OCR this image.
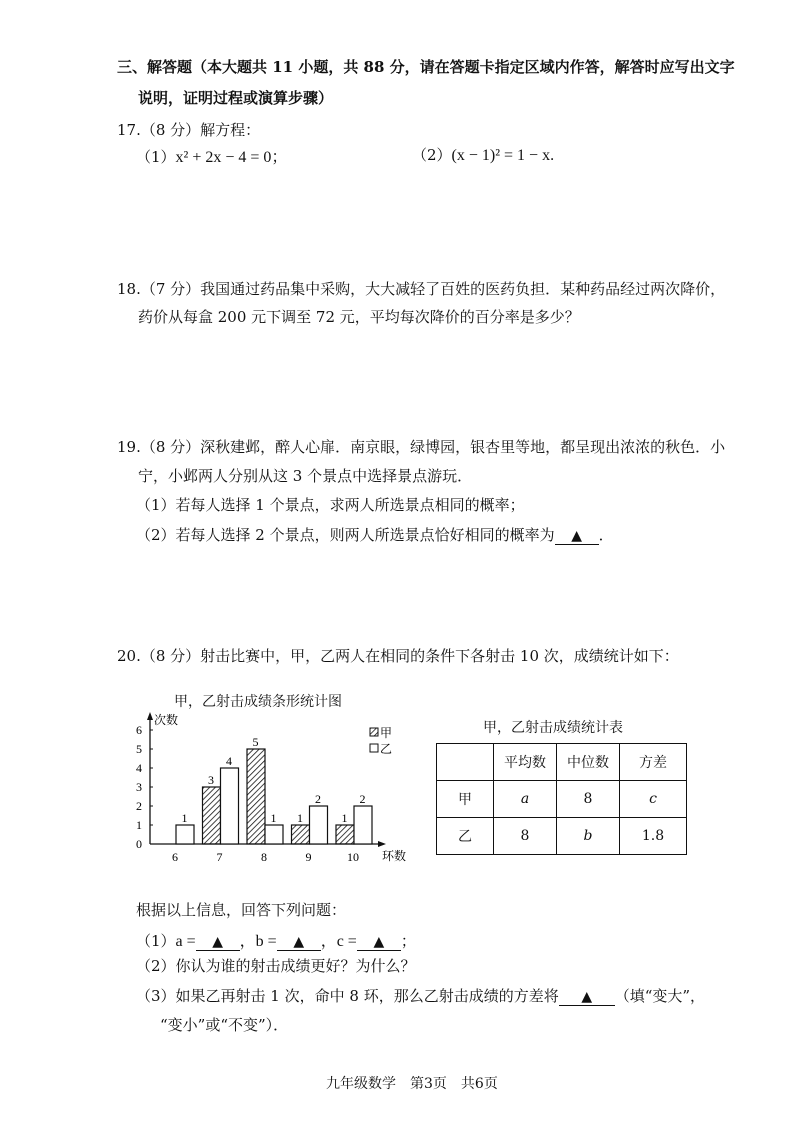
三、解答题（本大题共 11 小题，共 88 分，请在答题卡指定区域内作答，解答时应写出文字
说明，证明过程或演算步骤）
17.（8 分）解方程：
（1）x² + 2x − 4 = 0；	（2）(x − 1)² = 1 − x.
18.（7 分）我国通过药品集中采购，大大减轻了百姓的医药负担．某种药品经过两次降价，
药价从每盒 200 元下调至 72 元，平均每次降价的百分率是多少？
19.（8 分）深秋建邺，醉人心扉．南京眼，绿博园，银杏里等地，都呈现出浓浓的秋色．小
宁，小邺两人分别从这 3 个景点中选择景点游玩．
（1）若每人选择 1 个景点，求两人所选景点相同的概率；
（2）若每人选择 2 个景点，则两人所选景点恰好相同的概率为 ▲ ．
20.（8 分）射击比赛中，甲，乙两人在相同的条件下各射击 10 次，成绩统计如下：
甲，乙射击成绩条形统计图
次数
环数
0
1
2
3
4
5
6
6
1
7
3
4
8
5
1
9
1
2
10
1
2
甲
乙
甲，乙射击成绩统计表
	平均数	中位数	方差
甲	a	8	c
乙	8	b	1.8
根据以上信息，回答下列问题：
（1）a = ▲ ，b = ▲ ，c = ▲ ；
（2）你认为谁的射击成绩更好？为什么？
（3）如果乙再射击 1 次，命中 8 环，那么乙射击成绩的方差将 ▲ （填“变大”，
“变小”或“不变”）．
九年级数学　第3页　共6页
